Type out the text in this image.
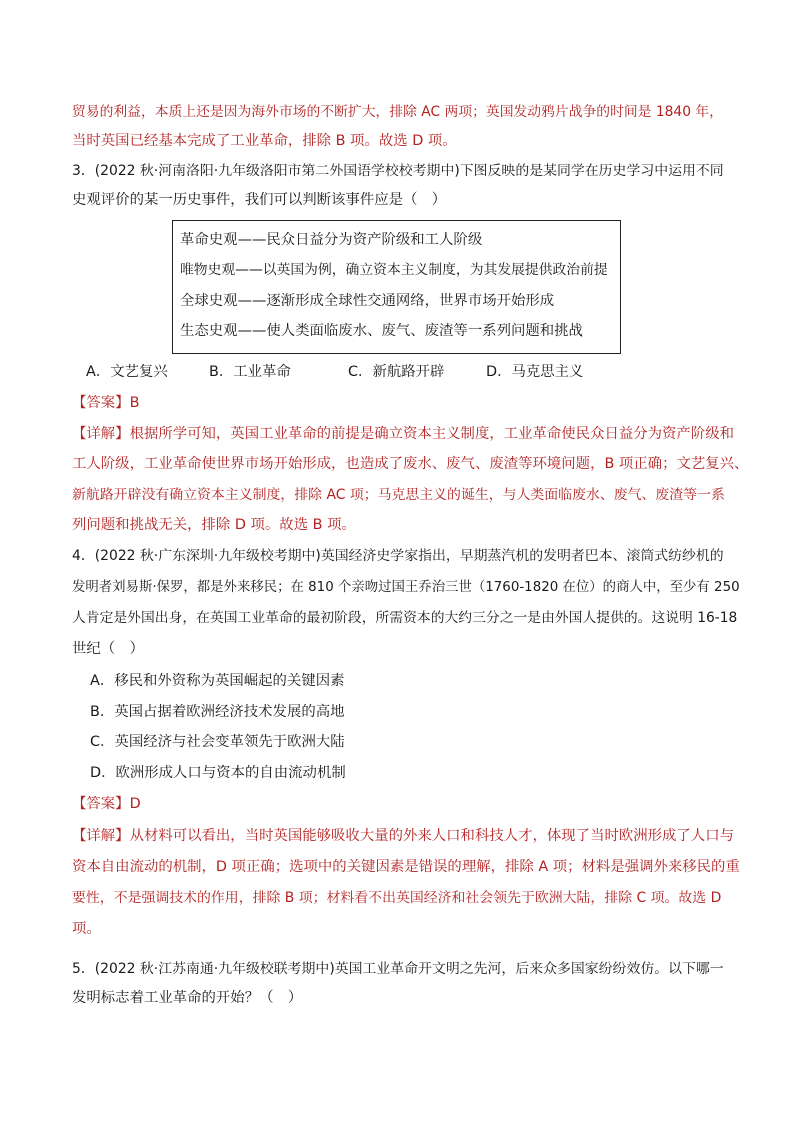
贸易的利益，本质上还是因为海外市场的不断扩大，排除 AC 两项；英国发动鸦片战争的时间是 1840 年，
当时英国已经基本完成了工业革命，排除 B 项。故选 D 项。
3．(2022 秋·河南洛阳·九年级洛阳市第二外国语学校校考期中)下图反映的是某同学在历史学习中运用不同
史观评价的某一历史事件，我们可以判断该事件应是（　）
革命史观——民众日益分为资产阶级和工人阶级
唯物史观——以英国为例，确立资本主义制度，为其发展提供政治前提
全球史观——逐渐形成全球性交通网络，世界市场开始形成
生态史观——使人类面临废水、废气、废渣等一系列问题和挑战
A．文艺复兴	B．工业革命	C．新航路开辟	D．马克思主义
【答案】B
【详解】根据所学可知，英国工业革命的前提是确立资本主义制度，工业革命使民众日益分为资产阶级和
工人阶级，工业革命使世界市场开始形成，也造成了废水、废气、废渣等环境问题，B 项正确；文艺复兴、
新航路开辟没有确立资本主义制度，排除 AC 项；马克思主义的诞生，与人类面临废水、废气、废渣等一系
列问题和挑战无关，排除 D 项。故选 B 项。
4．(2022 秋·广东深圳·九年级校考期中)英国经济史学家指出，早期蒸汽机的发明者巴本、滚筒式纺纱机的
发明者刘易斯·保罗，都是外来移民；在 810 个亲吻过国王乔治三世（1760-1820 在位）的商人中，至少有 250
人肯定是外国出身，在英国工业革命的最初阶段，所需资本的大约三分之一是由外国人提供的。这说明 16-18
世纪（　）
A．移民和外资称为英国崛起的关键因素
B．英国占据着欧洲经济技术发展的高地
C．英国经济与社会变革领先于欧洲大陆
D．欧洲形成人口与资本的自由流动机制
【答案】D
【详解】从材料可以看出，当时英国能够吸收大量的外来人口和科技人才，体现了当时欧洲形成了人口与
资本自由流动的机制，D 项正确；选项中的关键因素是错误的理解，排除 A 项；材料是强调外来移民的重
要性，不是强调技术的作用，排除 B 项；材料看不出英国经济和社会领先于欧洲大陆，排除 C 项。故选 D
项。
5．(2022 秋·江苏南通·九年级校联考期中)英国工业革命开文明之先河，后来众多国家纷纷效仿。以下哪一
发明标志着工业革命的开始？（　）
